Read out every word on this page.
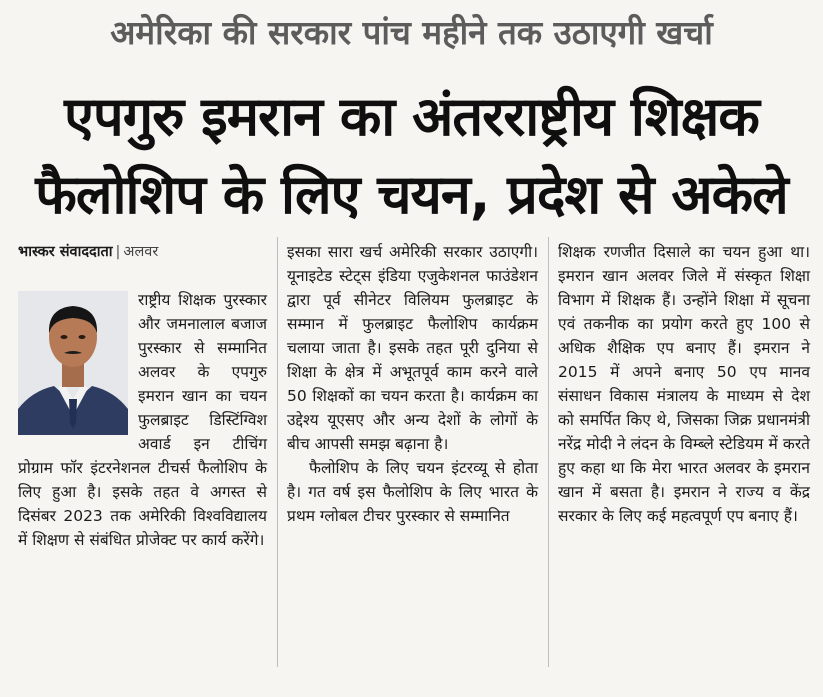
अमेरिका की सरकार पांच महीने तक उठाएगी खर्चा
एपगुरु इमरान का अंतरराष्ट्रीय शिक्षक
फैलोशिप के लिए चयन, प्रदेश से अकेले
भास्कर संवाददाता | अलवर

राष्ट्रीय शिक्षक पुरस्कार और जमनालाल बजाज पुरस्कार से सम्मानित अलवर के एपगुरु इमरान खान का चयन फुलब्राइट डिस्टिंग्विश अवार्ड इन टीचिंग प्रोग्राम फॉर इंटरनेशनल टीचर्स फैलोशिप के लिए हुआ है। इसके तहत वे अगस्त से दिसंबर 2023 तक अमेरिकी विश्वविद्यालय में शिक्षण से संबंधित प्रोजेक्ट पर कार्य करेंगे।

इसका सारा खर्च अमेरिकी सरकार उठाएगी। यूनाइटेड स्टेट्स इंडिया एजुकेशनल फाउंडेशन द्वारा पूर्व सीनेटर विलियम फुलब्राइट के सम्मान में फुलब्राइट फैलोशिप कार्यक्रम चलाया जाता है। इसके तहत पूरी दुनिया से शिक्षा के क्षेत्र में अभूतपूर्व काम करने वाले 50 शिक्षकों का चयन करता है। कार्यक्रम का उद्देश्य यूएसए और अन्य देशों के लोगों के बीच आपसी समझ बढ़ाना है।

फैलोशिप के लिए चयन इंटरव्यू से होता है। गत वर्ष इस फैलोशिप के लिए भारत के प्रथम ग्लोबल टीचर पुरस्कार से सम्मानित

शिक्षक रणजीत दिसाले का चयन हुआ था। इमरान खान अलवर जिले में संस्कृत शिक्षा विभाग में शिक्षक हैं। उन्होंने शिक्षा में सूचना एवं तकनीक का प्रयोग करते हुए 100 से अधिक शैक्षिक एप बनाए हैं। इमरान ने 2015 में अपने बनाए 50 एप मानव संसाधन विकास मंत्रालय के माध्यम से देश को समर्पित किए थे, जिसका जिक्र प्रधानमंत्री नरेंद्र मोदी ने लंदन के विम्ब्ले स्टेडियम में करते हुए कहा था कि मेरा भारत अलवर के इमरान खान में बसता है। इमरान ने राज्य व केंद्र सरकार के लिए कई महत्वपूर्ण एप बनाए हैं।
